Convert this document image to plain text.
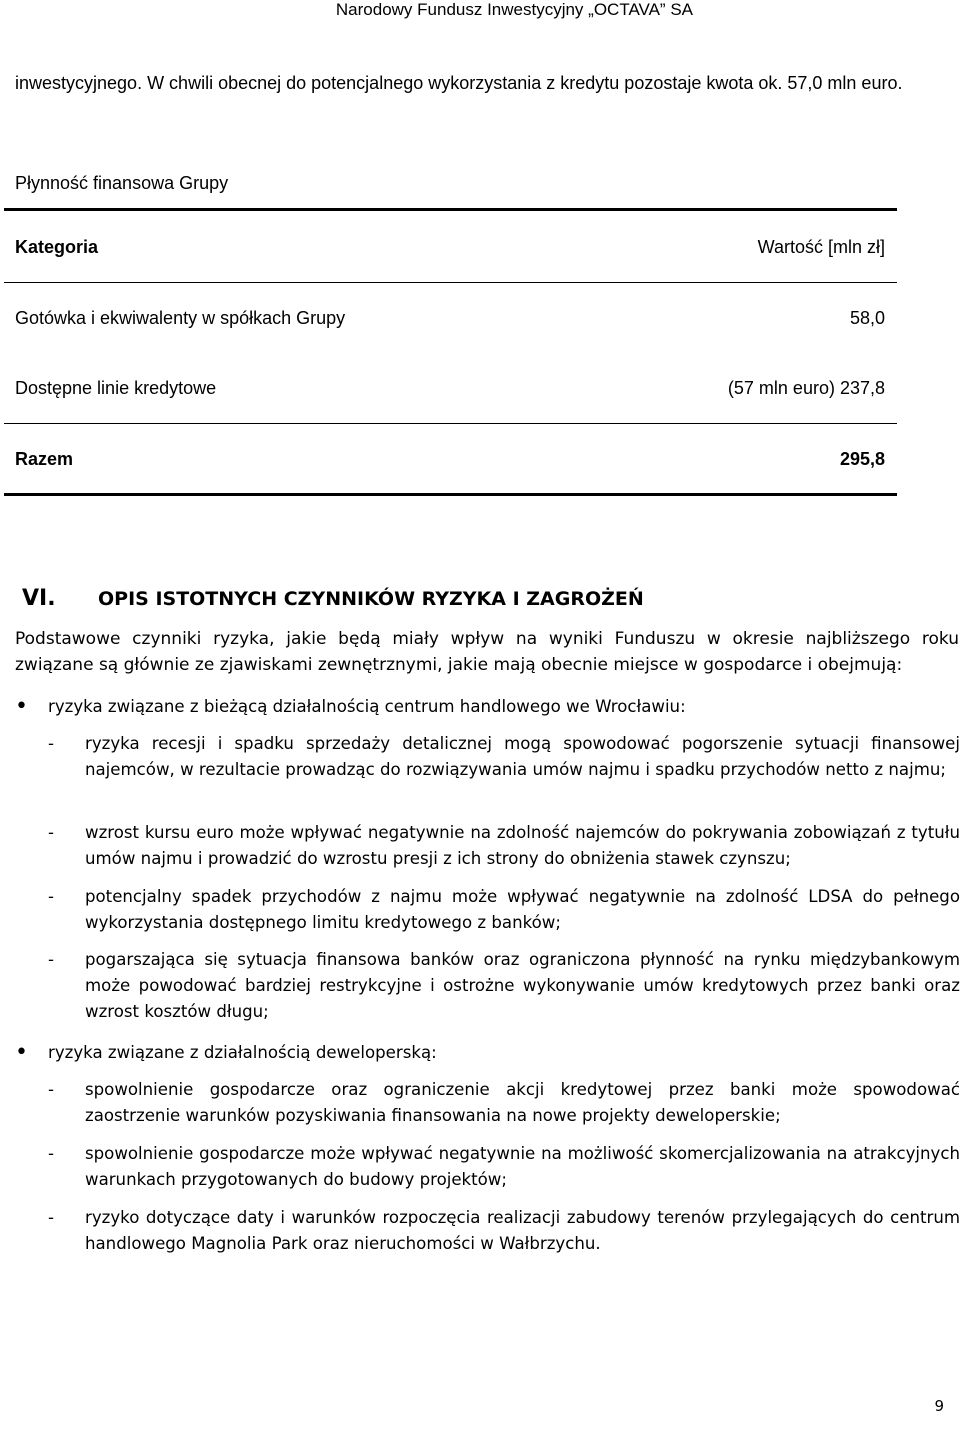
Narodowy Fundusz Inwestycyjny „OCTAVA” SA
inwestycyjnego. W chwili obecnej do potencjalnego wykorzystania z kredytu pozostaje kwota ok. 57,0 mln euro.
Płynność finansowa Grupy
Kategoria	Wartość [mln zł]
Gotówka i ekwiwalenty w spółkach Grupy	58,0
Dostępne linie kredytowe	(57 mln euro) 237,8
Razem	295,8
VI.	OPIS ISTOTNYCH CZYNNIKÓW RYZYKA I ZAGROŻEŃ
Podstawowe czynniki ryzyka, jakie będą miały wpływ na wyniki Funduszu w okresie najbliższego roku związane są głównie ze zjawiskami zewnętrznymi, jakie mają obecnie miejsce w gospodarce i obejmują:
•	ryzyka związane z bieżącą działalnością centrum handlowego we Wrocławiu:
-	ryzyka recesji i spadku sprzedaży detalicznej mogą spowodować pogorszenie sytuacji finansowej najemców, w rezultacie prowadząc do rozwiązywania umów najmu i spadku przychodów netto z najmu;
-	wzrost kursu euro może wpływać negatywnie na zdolność najemców do pokrywania zobowiązań z tytułu umów najmu i prowadzić do wzrostu presji z ich strony do obniżenia stawek czynszu;
-	potencjalny spadek przychodów z najmu może wpływać negatywnie na zdolność LDSA do pełnego wykorzystania dostępnego limitu kredytowego z banków;
-	pogarszająca się sytuacja finansowa banków oraz ograniczona płynność na rynku międzybankowym może powodować bardziej restrykcyjne i ostrożne wykonywanie umów kredytowych przez banki oraz wzrost kosztów długu;
•	ryzyka związane z działalnością deweloperską:
-	spowolnienie gospodarcze oraz ograniczenie akcji kredytowej przez banki może spowodować zaostrzenie warunków pozyskiwania finansowania na nowe projekty deweloperskie;
-	spowolnienie gospodarcze może wpływać negatywnie na możliwość skomercjalizowania na atrakcyjnych warunkach przygotowanych do budowy projektów;
-	ryzyko dotyczące daty i warunków rozpoczęcia realizacji zabudowy terenów przylegających do centrum handlowego Magnolia Park oraz nieruchomości w Wałbrzychu.
9
